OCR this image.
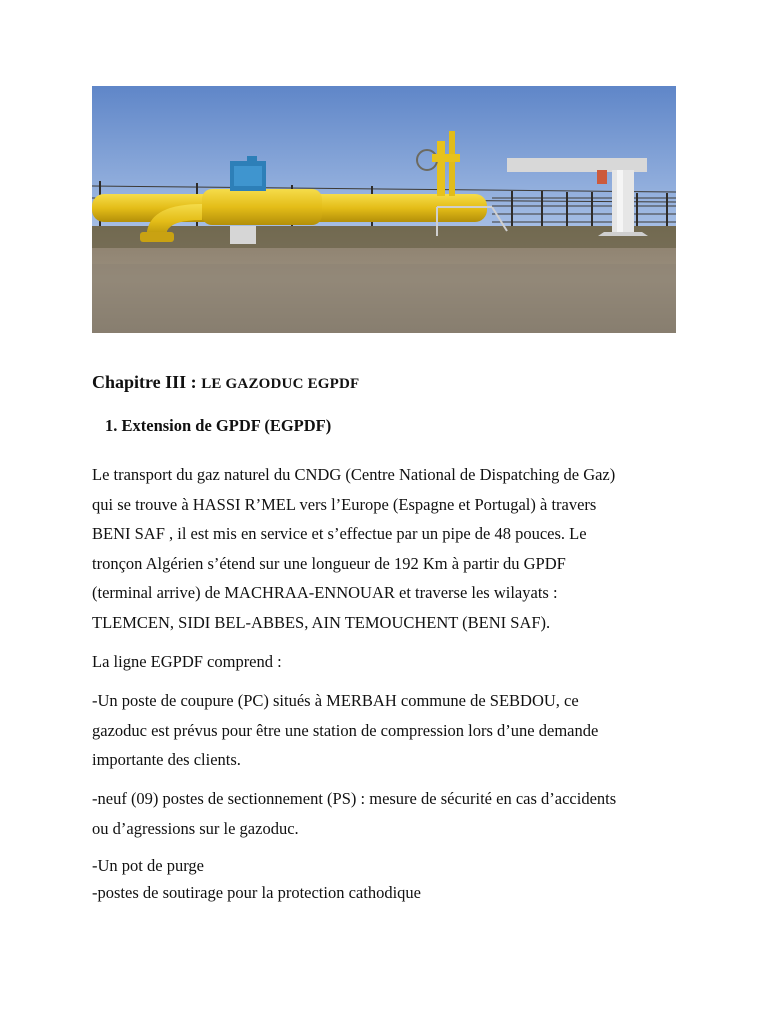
Chapitre III : LE GAZODUC EGPDF
1. Extension de GPDF (EGPDF)

Le transport du gaz naturel du CNDG (Centre National de Dispatching de Gaz)
qui se trouve à HASSI R’MEL vers l’Europe (Espagne et Portugal) à travers
BENI SAF , il est mis en service et s’effectue par un pipe de 48 pouces. Le
tronçon Algérien s’étend sur une longueur de 192 Km à partir du GPDF
(terminal arrive) de MACHRAA-ENNOUAR et traverse les wilayats :
TLEMCEN, SIDI BEL-ABBES, AIN TEMOUCHENT (BENI SAF).

La ligne EGPDF comprend :

-Un poste de coupure (PC) situés à MERBAH commune de SEBDOU, ce
gazoduc est prévus pour être une station de compression lors d’une demande
importante des clients.

-neuf (09) postes de sectionnement (PS) : mesure de sécurité en cas d’accidents
ou d’agressions sur le gazoduc.

-Un pot de purge
-postes de soutirage pour la protection cathodique
